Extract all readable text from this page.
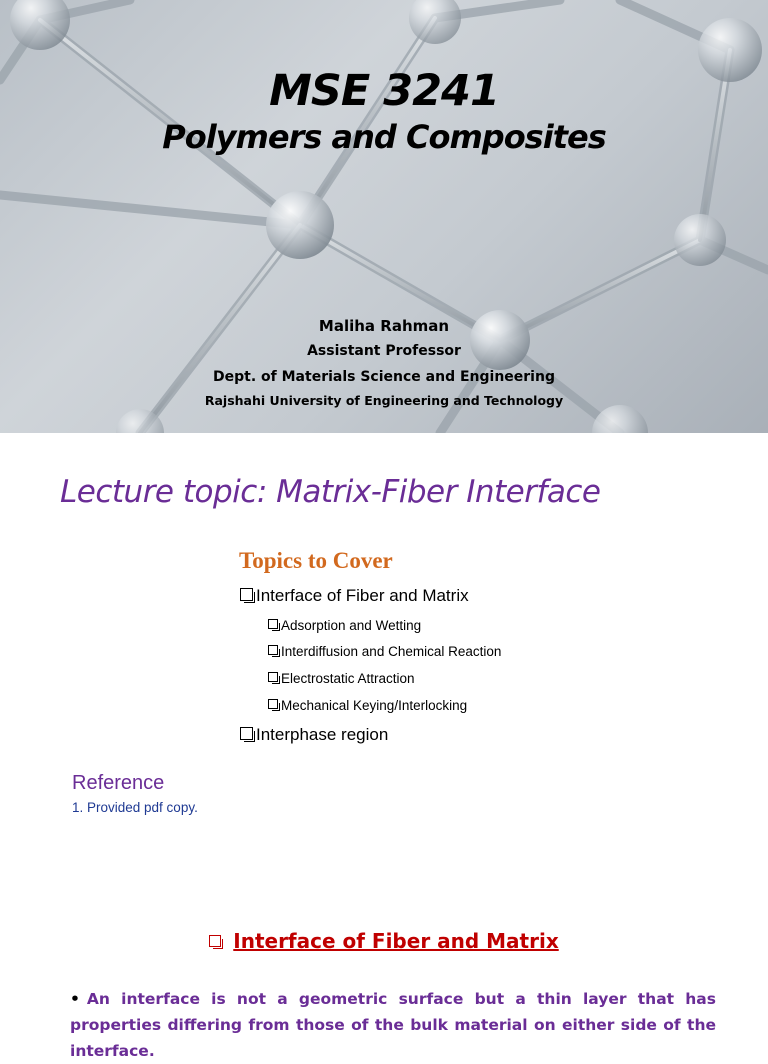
MSE 3241
Polymers and Composites
Maliha Rahman
Assistant Professor
Dept. of Materials Science and Engineering
Rajshahi University of Engineering and Technology
Lecture topic: Matrix-Fiber Interface
Topics to Cover
Interface of Fiber and Matrix
Adsorption and Wetting
Interdiffusion and Chemical Reaction
Electrostatic Attraction
Mechanical Keying/Interlocking
Interphase region
Reference
1. Provided pdf copy.
Interface of Fiber and Matrix
• An interface is not a geometric surface but a thin layer that has properties differing from those of the bulk material on either side of the interface.
